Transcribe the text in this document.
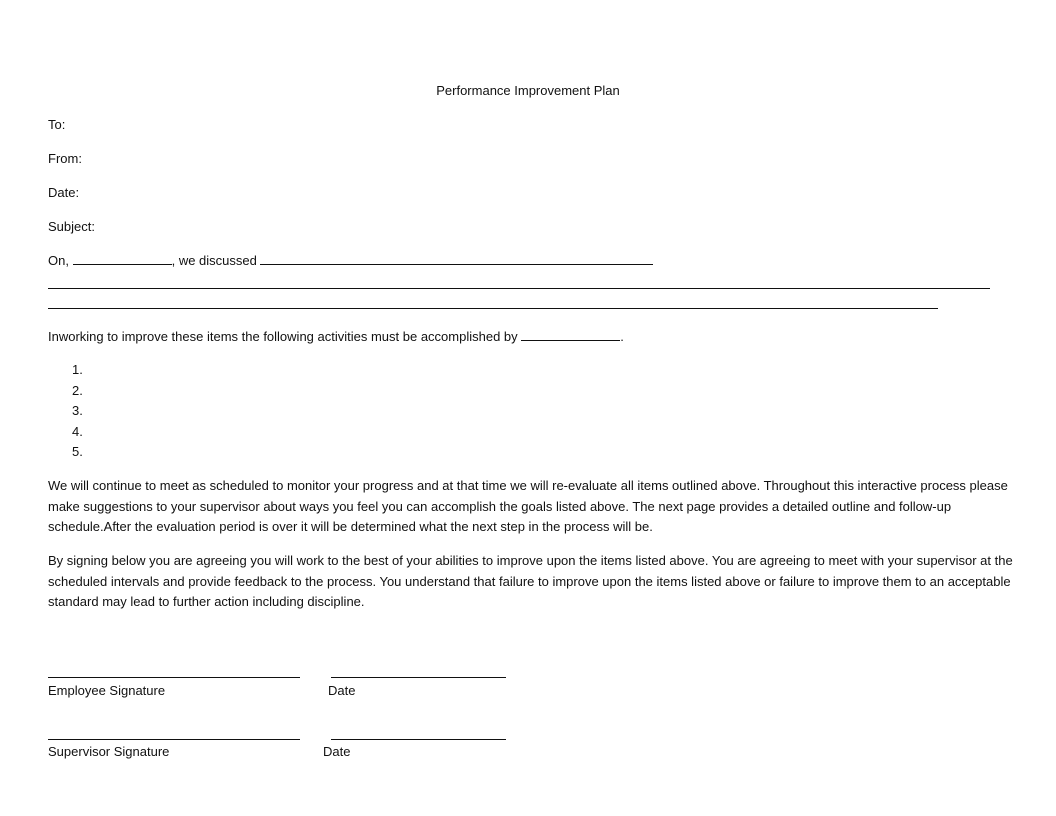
Performance Improvement Plan
To:
From:
Date:
Subject:
On,	, we discussed
Inworking to improve these items the following activities must be accomplished by	.
1.
2.
3.
4.
5.
We will continue to meet as scheduled to monitor your progress and at that time we will re-evaluate all items outlined above. Throughout this interactive process please make suggestions to your supervisor about ways you feel you can accomplish the goals listed above. The next page provides a detailed outline and follow-up schedule.After the evaluation period is over it will be determined what the next step in the process will be.
By signing below you are agreeing you will work to the best of your abilities to improve upon the items listed above. You are agreeing to meet with your supervisor at the scheduled intervals and provide feedback to the process. You understand that failure to improve upon the items listed above or failure to improve them to an acceptable standard may lead to further action including discipline.
Employee Signature	Date
Supervisor Signature	Date
